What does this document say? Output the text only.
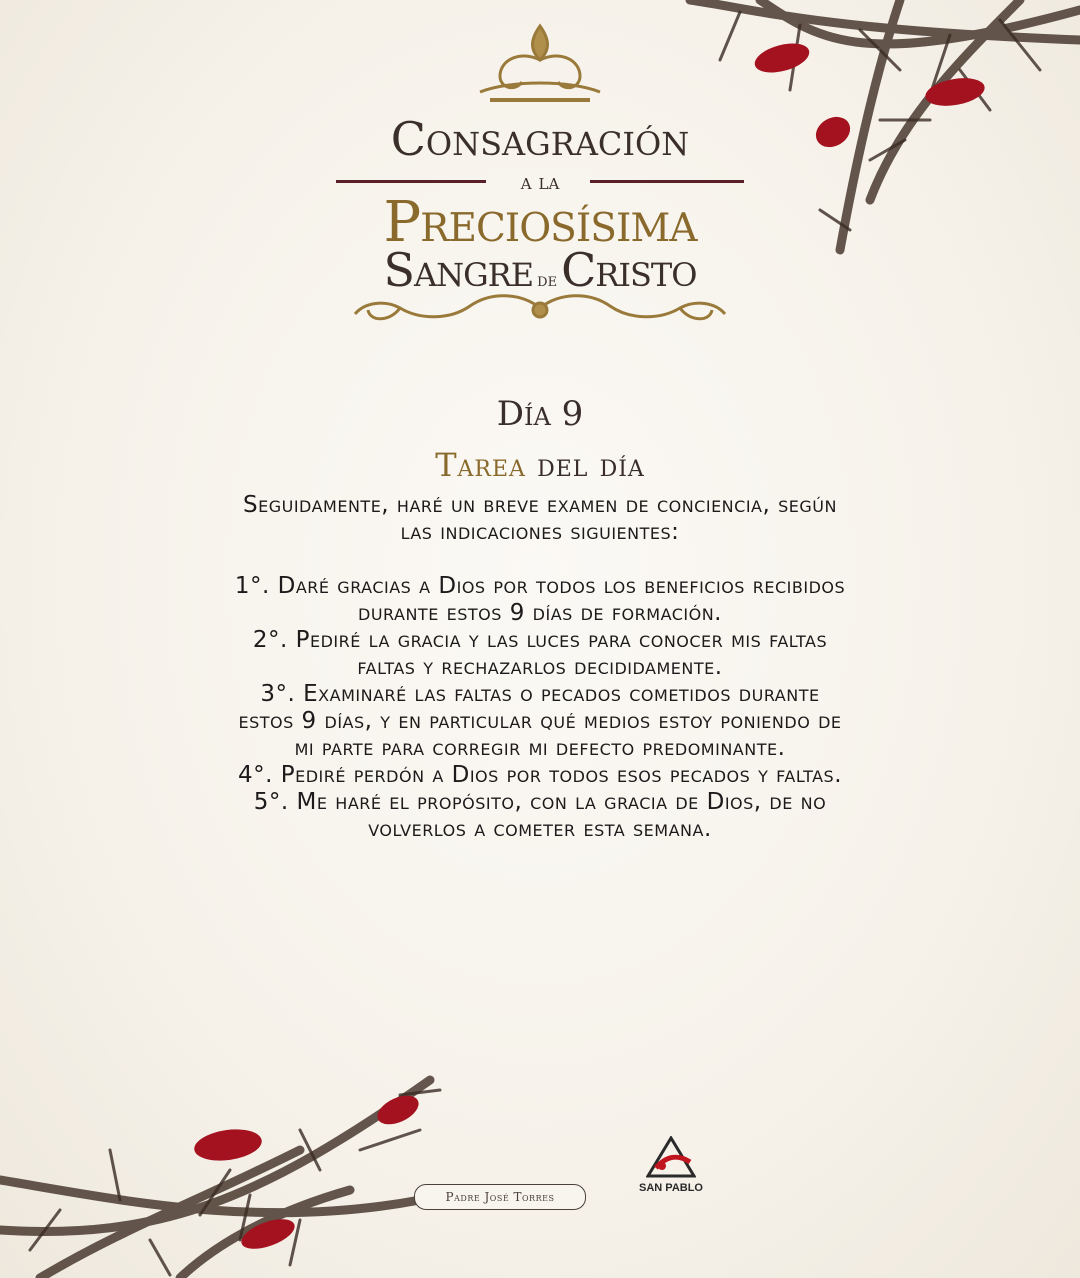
Consagración
a la
Preciosísima
Sangre deCristo
Día 9
Tarea del día

Seguidamente, haré un breve examen de conciencia, según las indicaciones siguientes:

1°. Daré gracias a Dios por todos los beneficios recibidos durante estos 9 días de formación.

2°. Pediré la gracia y las luces para conocer mis faltas faltas y rechazarlos decididamente.

3°. Examinaré las faltas o pecados cometidos durante estos 9 días, y en particular qué medios estoy poniendo de mi parte para corregir mi defecto predominante.

4°. Pediré perdón a Dios por todos esos pecados y faltas.

5°. Me haré el propósito, con la gracia de Dios, de no volverlos a cometer esta semana.

Padre José Torres
SAN PABLO
